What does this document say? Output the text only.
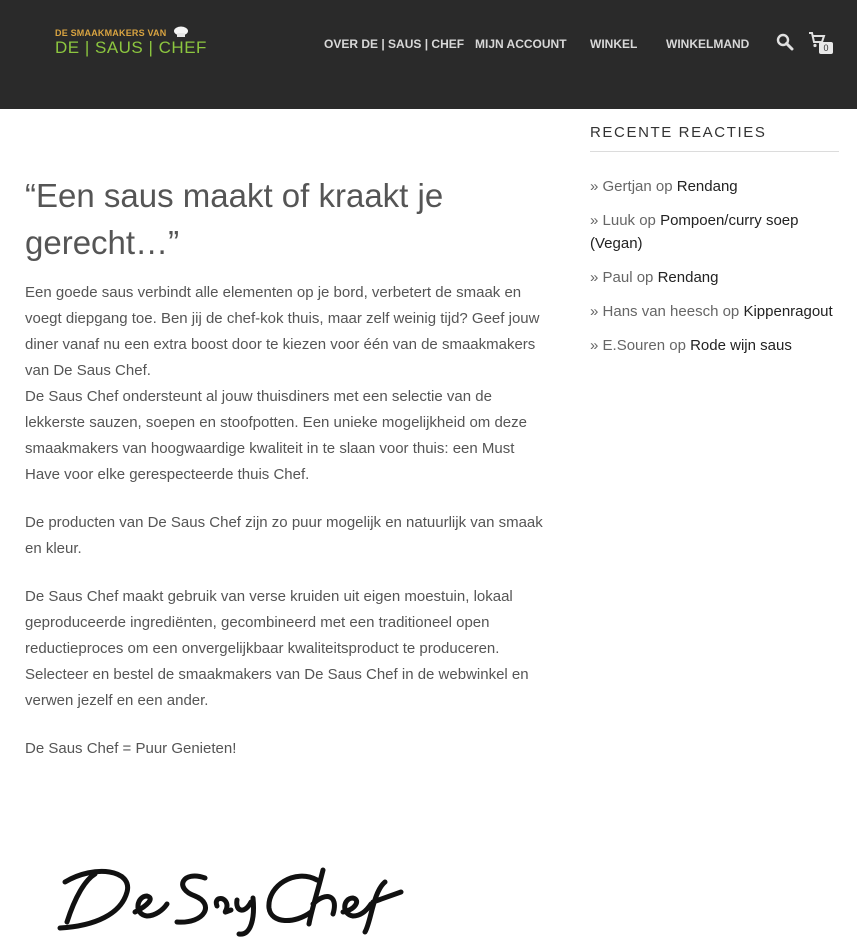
DE SMAAKMAKERS VAN
DE | SAUS | CHEF	OVER DE | SAUS | CHEF MIJN ACCOUNT WINKEL WINKELMAND	0
“Een saus maakt of kraakt je
gerecht…”
Een goede saus verbindt alle elementen op je bord, verbetert de smaak en
voegt diepgang toe. Ben jij de chef-kok thuis, maar zelf weinig tijd? Geef jouw
diner vanaf nu een extra boost door te kiezen voor één van de smaakmakers
van De Saus Chef.
De Saus Chef ondersteunt al jouw thuisdiners met een selectie van de
lekkerste sauzen, soepen en stoofpotten. Een unieke mogelijkheid om deze
smaakmakers van hoogwaardige kwaliteit in te slaan voor thuis: een Must
Have voor elke gerespecteerde thuis Chef.
De producten van De Saus Chef zijn zo puur mogelijk en natuurlijk van smaak
en kleur.
De Saus Chef maakt gebruik van verse kruiden uit eigen moestuin, lokaal
geproduceerde ingrediënten, gecombineerd met een traditioneel open
reductieproces om een onvergelijkbaar kwaliteitsproduct te produceren.
Selecteer en bestel de smaakmakers van De Saus Chef in de webwinkel en
verwen jezelf en een ander.
De Saus Chef = Puur Genieten!
RECENTE REACTIES
» Gertjan op Rendang
» Luuk op Pompoen/curry soep
(Vegan)
» Paul op Rendang
» Hans van heesch op Kippenragout
» E.Souren op Rode wijn saus
